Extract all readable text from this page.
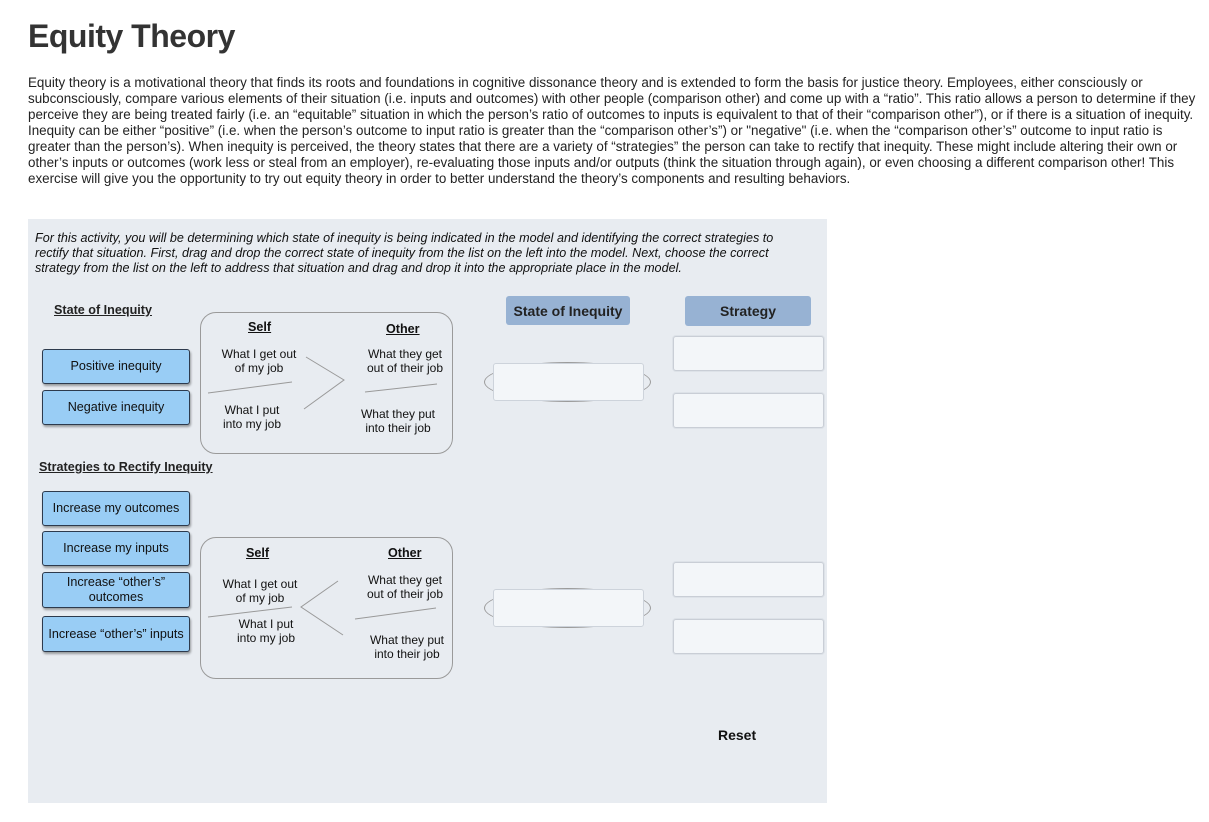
Equity Theory

Equity theory is a motivational theory that finds its roots and foundations in cognitive dissonance theory and is extended to form the basis for justice theory. Employees, either consciously or subconsciously, compare various elements of their situation (i.e. inputs and outcomes) with other people (comparison other) and come up with a “ratio”. This ratio allows a person to determine if they perceive they are being treated fairly (i.e. an “equitable” situation in which the person’s ratio of outcomes to inputs is equivalent to that of their “comparison other”), or if there is a situation of inequity. Inequity can be either “positive” (i.e. when the person’s outcome to input ratio is greater than the “comparison other’s”) or "negative" (i.e. when the “comparison other’s” outcome to input ratio is greater than the person’s). When inequity is perceived, the theory states that there are a variety of “strategies” the person can take to rectify that inequity. These might include altering their own or other’s inputs or outcomes (work less or steal from an employer), re-evaluating those inputs and/or outputs (think the situation through again), or even choosing a different comparison other! This exercise will give you the opportunity to try out equity theory in order to better understand the theory’s components and resulting behaviors.

For this activity, you will be determining which state of inequity is being indicated in the model and identifying the correct strategies to rectify that situation. First, drag and drop the correct state of inequity from the list on the left into the model. Next, choose the correct strategy from the list on the left to address that situation and drag and drop it into the appropriate place in the model.

State of Inequity
Positive inequity
Negative inequity
Strategies to Rectify Inequity
Increase my outcomes
Increase my inputs
Increase “other’s” outcomes
Increase “other’s” inputs
Self	Other
What I get out of my job
What I put into my job
What they get out of their job
What they put into their job
State of Inequity	Strategy
Self	Other
What I get out of my job
What I put into my job
What they get out of their job
What they put into their job
Reset
